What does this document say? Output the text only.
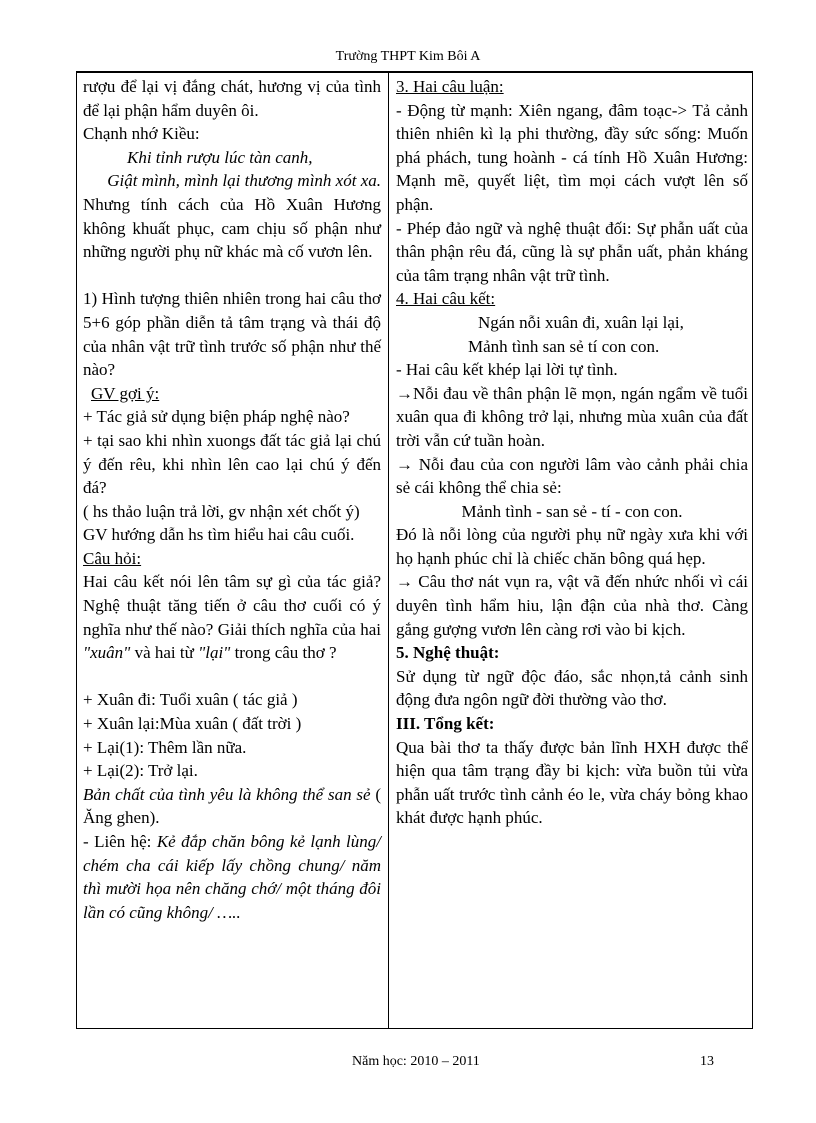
Trường THPT Kim Bôi A

rượu để lại vị đắng chát, hương vị của tình để lại phận hẩm duyên ôi.

Chạnh nhớ Kiều:

Khi tỉnh rượu lúc tàn canh,

Giật mình, mình lại thương mình xót xa.

Nhưng tính cách của Hồ Xuân Hương không khuất phục, cam chịu số phận như những người phụ nữ khác mà cố vươn lên.

1) Hình tượng thiên nhiên trong hai câu thơ 5+6 góp phần diễn tả tâm trạng và thái độ của nhân vật trữ tình trước số phận như thế nào?

GV gợi ý:

+ Tác giả sử dụng biện pháp nghệ nào?

+ tại sao khi nhìn xuongs đất tác giả lại chú ý đến rêu, khi nhìn lên cao lại chú ý đến đá?

( hs thảo luận trả lời, gv nhận xét chốt ý)

GV hướng dẫn hs tìm hiểu hai câu cuối.

Câu hỏi:

Hai câu kết nói lên tâm sự gì của tác giả? Nghệ thuật tăng tiến ở câu thơ cuối có ý nghĩa như thế nào? Giải thích nghĩa của hai "xuân" và hai từ "lại" trong câu thơ ?

+ Xuân đi: Tuổi xuân ( tác giả )

+ Xuân lại:Mùa xuân ( đất trời )

+ Lại(1): Thêm lần nữa.

+ Lại(2): Trở lại.

Bản chất của tình yêu là không thể san sẻ ( Ăng ghen).

- Liên hệ: Kẻ đắp chăn bông kẻ lạnh lùng/ chém cha cái kiếp lấy chồng chung/ năm thì mười họa nên chăng chớ/ một tháng đôi lần có cũng không/ …..

3. Hai câu luận:

- Động từ mạnh: Xiên ngang, đâm toạc-> Tả cảnh thiên nhiên kì lạ phi thường, đầy sức sống: Muốn phá phách, tung hoành - cá tính Hồ Xuân Hương: Mạnh mẽ, quyết liệt, tìm mọi cách vượt lên số phận.

- Phép đảo ngữ và nghệ thuật đối: Sự phẫn uất của thân phận rêu đá, cũng là sự phẫn uất, phản kháng của tâm trạng nhân vật trữ tình.

4. Hai câu kết:

Ngán nỗi xuân đi, xuân lại lại,

Mảnh tình san sẻ tí con con.

- Hai câu kết khép lại lời tự tình.

→Nỗi đau về thân phận lẽ mọn, ngán ngẩm về tuổi xuân qua đi không trở lại, nhưng mùa xuân của đất trời vẫn cứ tuần hoàn.

→ Nỗi đau của con người lâm vào cảnh phải chia sẻ cái không thể chia sẻ:

Mảnh tình - san sẻ - tí - con con.

Đó là nỗi lòng của người phụ nữ ngày xưa khi với họ hạnh phúc chỉ là chiếc chăn bông quá hẹp.

→ Câu thơ nát vụn ra, vật vã đến nhức nhối vì cái duyên tình hẩm hiu, lận đận của nhà thơ. Càng gắng gượng vươn lên càng rơi vào bi kịch.

5. Nghệ thuật:

Sử dụng từ ngữ độc đáo, sắc nhọn,tả cảnh sinh động đưa ngôn ngữ đời thường vào thơ.

III. Tổng kết:

Qua bài thơ ta thấy được bản lĩnh HXH được thể hiện qua tâm trạng đầy bi kịch: vừa buồn tủi vừa phẫn uất trước tình cảnh éo le, vừa cháy bỏng khao khát được hạnh phúc.

Năm học: 2010 – 2011	13
